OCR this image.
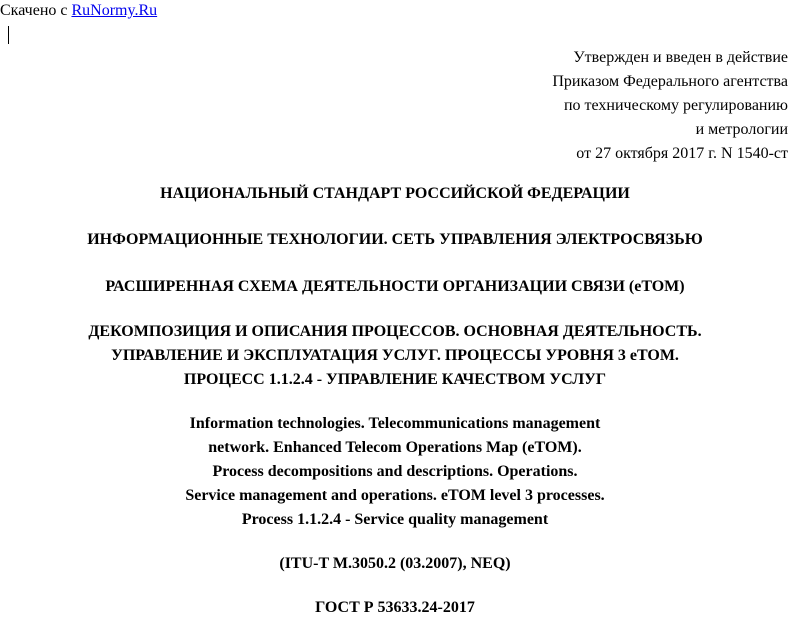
Скачено с RuNormy.Ru
Утвержден и введен в действие
Приказом Федерального агентства
по техническому регулированию
и метрологии
от 27 октября 2017 г. N 1540-ст
НАЦИОНАЛЬНЫЙ СТАНДАРТ РОССИЙСКОЙ ФЕДЕРАЦИИ
ИНФОРМАЦИОННЫЕ ТЕХНОЛОГИИ. СЕТЬ УПРАВЛЕНИЯ ЭЛЕКТРОСВЯЗЬЮ
РАСШИРЕННАЯ СХЕМА ДЕЯТЕЛЬНОСТИ ОРГАНИЗАЦИИ СВЯЗИ (eTOM)
ДЕКОМПОЗИЦИЯ И ОПИСАНИЯ ПРОЦЕССОВ. ОСНОВНАЯ ДЕЯТЕЛЬНОСТЬ.
УПРАВЛЕНИЕ И ЭКСПЛУАТАЦИЯ УСЛУГ. ПРОЦЕССЫ УРОВНЯ 3 eTOM.
ПРОЦЕСС 1.1.2.4 - УПРАВЛЕНИЕ КАЧЕСТВОМ УСЛУГ
Information technologies. Telecommunications management
network. Enhanced Telecom Operations Map (eTOM).
Process decompositions and descriptions. Operations.
Service management and operations. eTOM level 3 processes.
Process 1.1.2.4 - Service quality management
(ITU-T M.3050.2 (03.2007), NEQ)
ГОСТ Р 53633.24-2017
